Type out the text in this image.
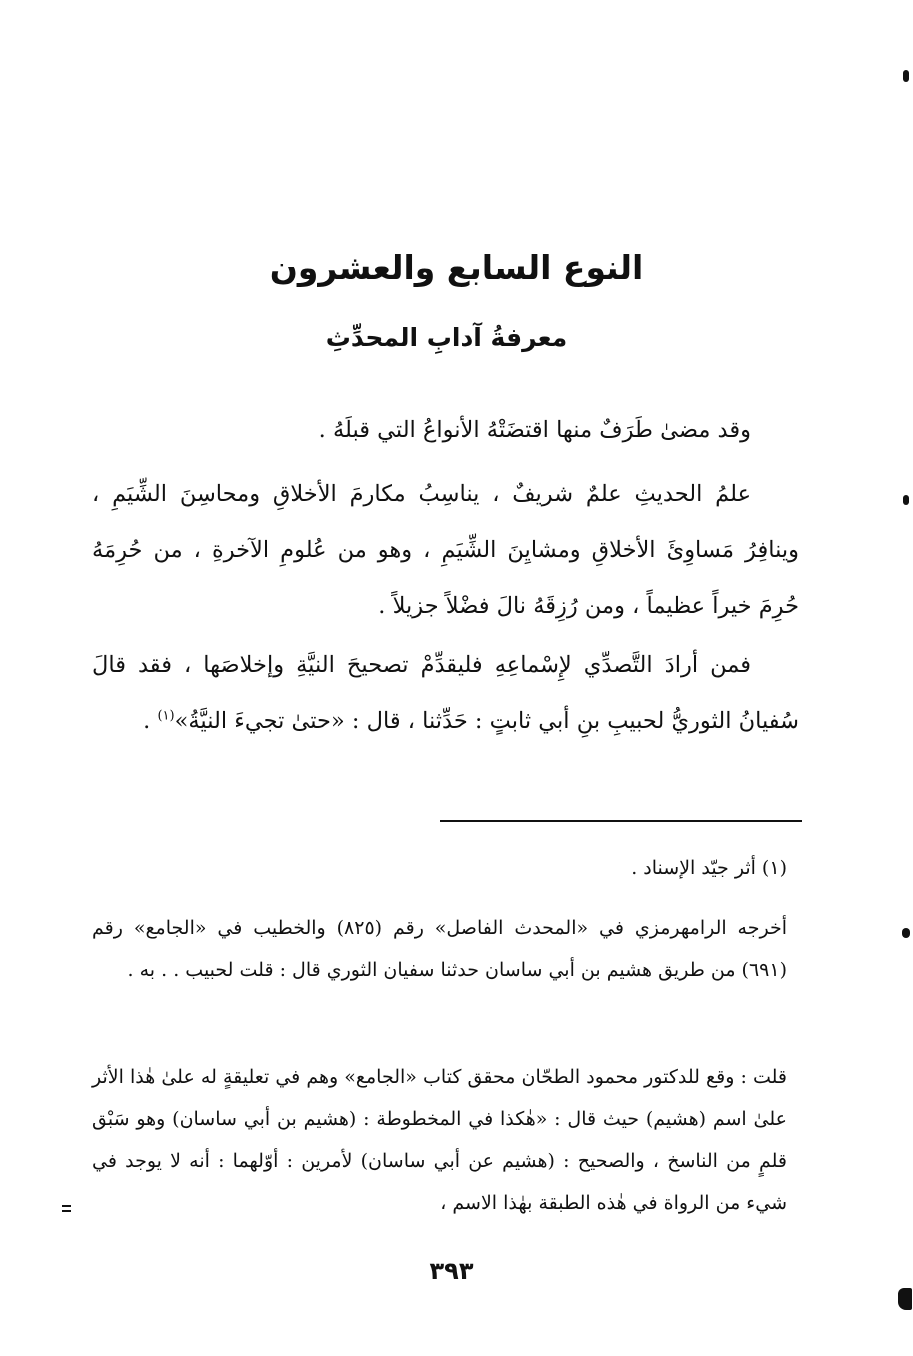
النوع السابع والعشرون
معرفةُ آدابِ المحدِّثِ
وقد مضىٰ طَرَفٌ منها اقتضَتْهُ الأنواعُ التي قبلَهُ .
علمُ الحديثِ علمٌ شريفٌ ، يناسِبُ مكارمَ الأخلاقِ ومحاسِنَ الشِّيَمِ ، وينافِرُ مَساوِئَ الأخلاقِ ومشايِنَ الشِّيَمِ ، وهو من عُلومِ الآخرةِ ، من حُرِمَهُ حُرِمَ خيراً عظيماً ، ومن رُزِقَهُ نالَ فضْلاً جزيلاً .
فمن أرادَ التَّصدِّي لإِسْماعِهِ فليقدِّمْ تصحيحَ النيَّةِ وإخلاصَها ، فقد قالَ سُفيانُ الثوريُّ لحبيبِ بنِ أبي ثابتٍ : حَدِّثنا ، قال : «حتىٰ تجيءَ النيَّةُ»$^{(١)}$ .
(١) أثر جيّد الإسناد .
أخرجه الرامهرمزي في «المحدث الفاصل» رقم (٨٢٥) والخطيب في «الجامع» رقم (٦٩١) من طريق هشيم بن أبي ساسان حدثنا سفيان الثوري قال : قلت لحبيب . . به .
قلت : وقع للدكتور محمود الطحّان محقق كتاب «الجامع» وهم في تعليقةٍ له علىٰ هٰذا الأثر علىٰ اسم (هشيم) حيث قال : «هٰكذا في المخطوطة : (هشيم بن أبي ساسان) وهو سَبْق قلمٍ من الناسخ ، والصحيح : (هشيم عن أبي ساسان) لأمرين : أوّلهما : أنه لا يوجد في شيء من الرواة في هٰذه الطبقة بهٰذا الاسم ،
٣٩٣
